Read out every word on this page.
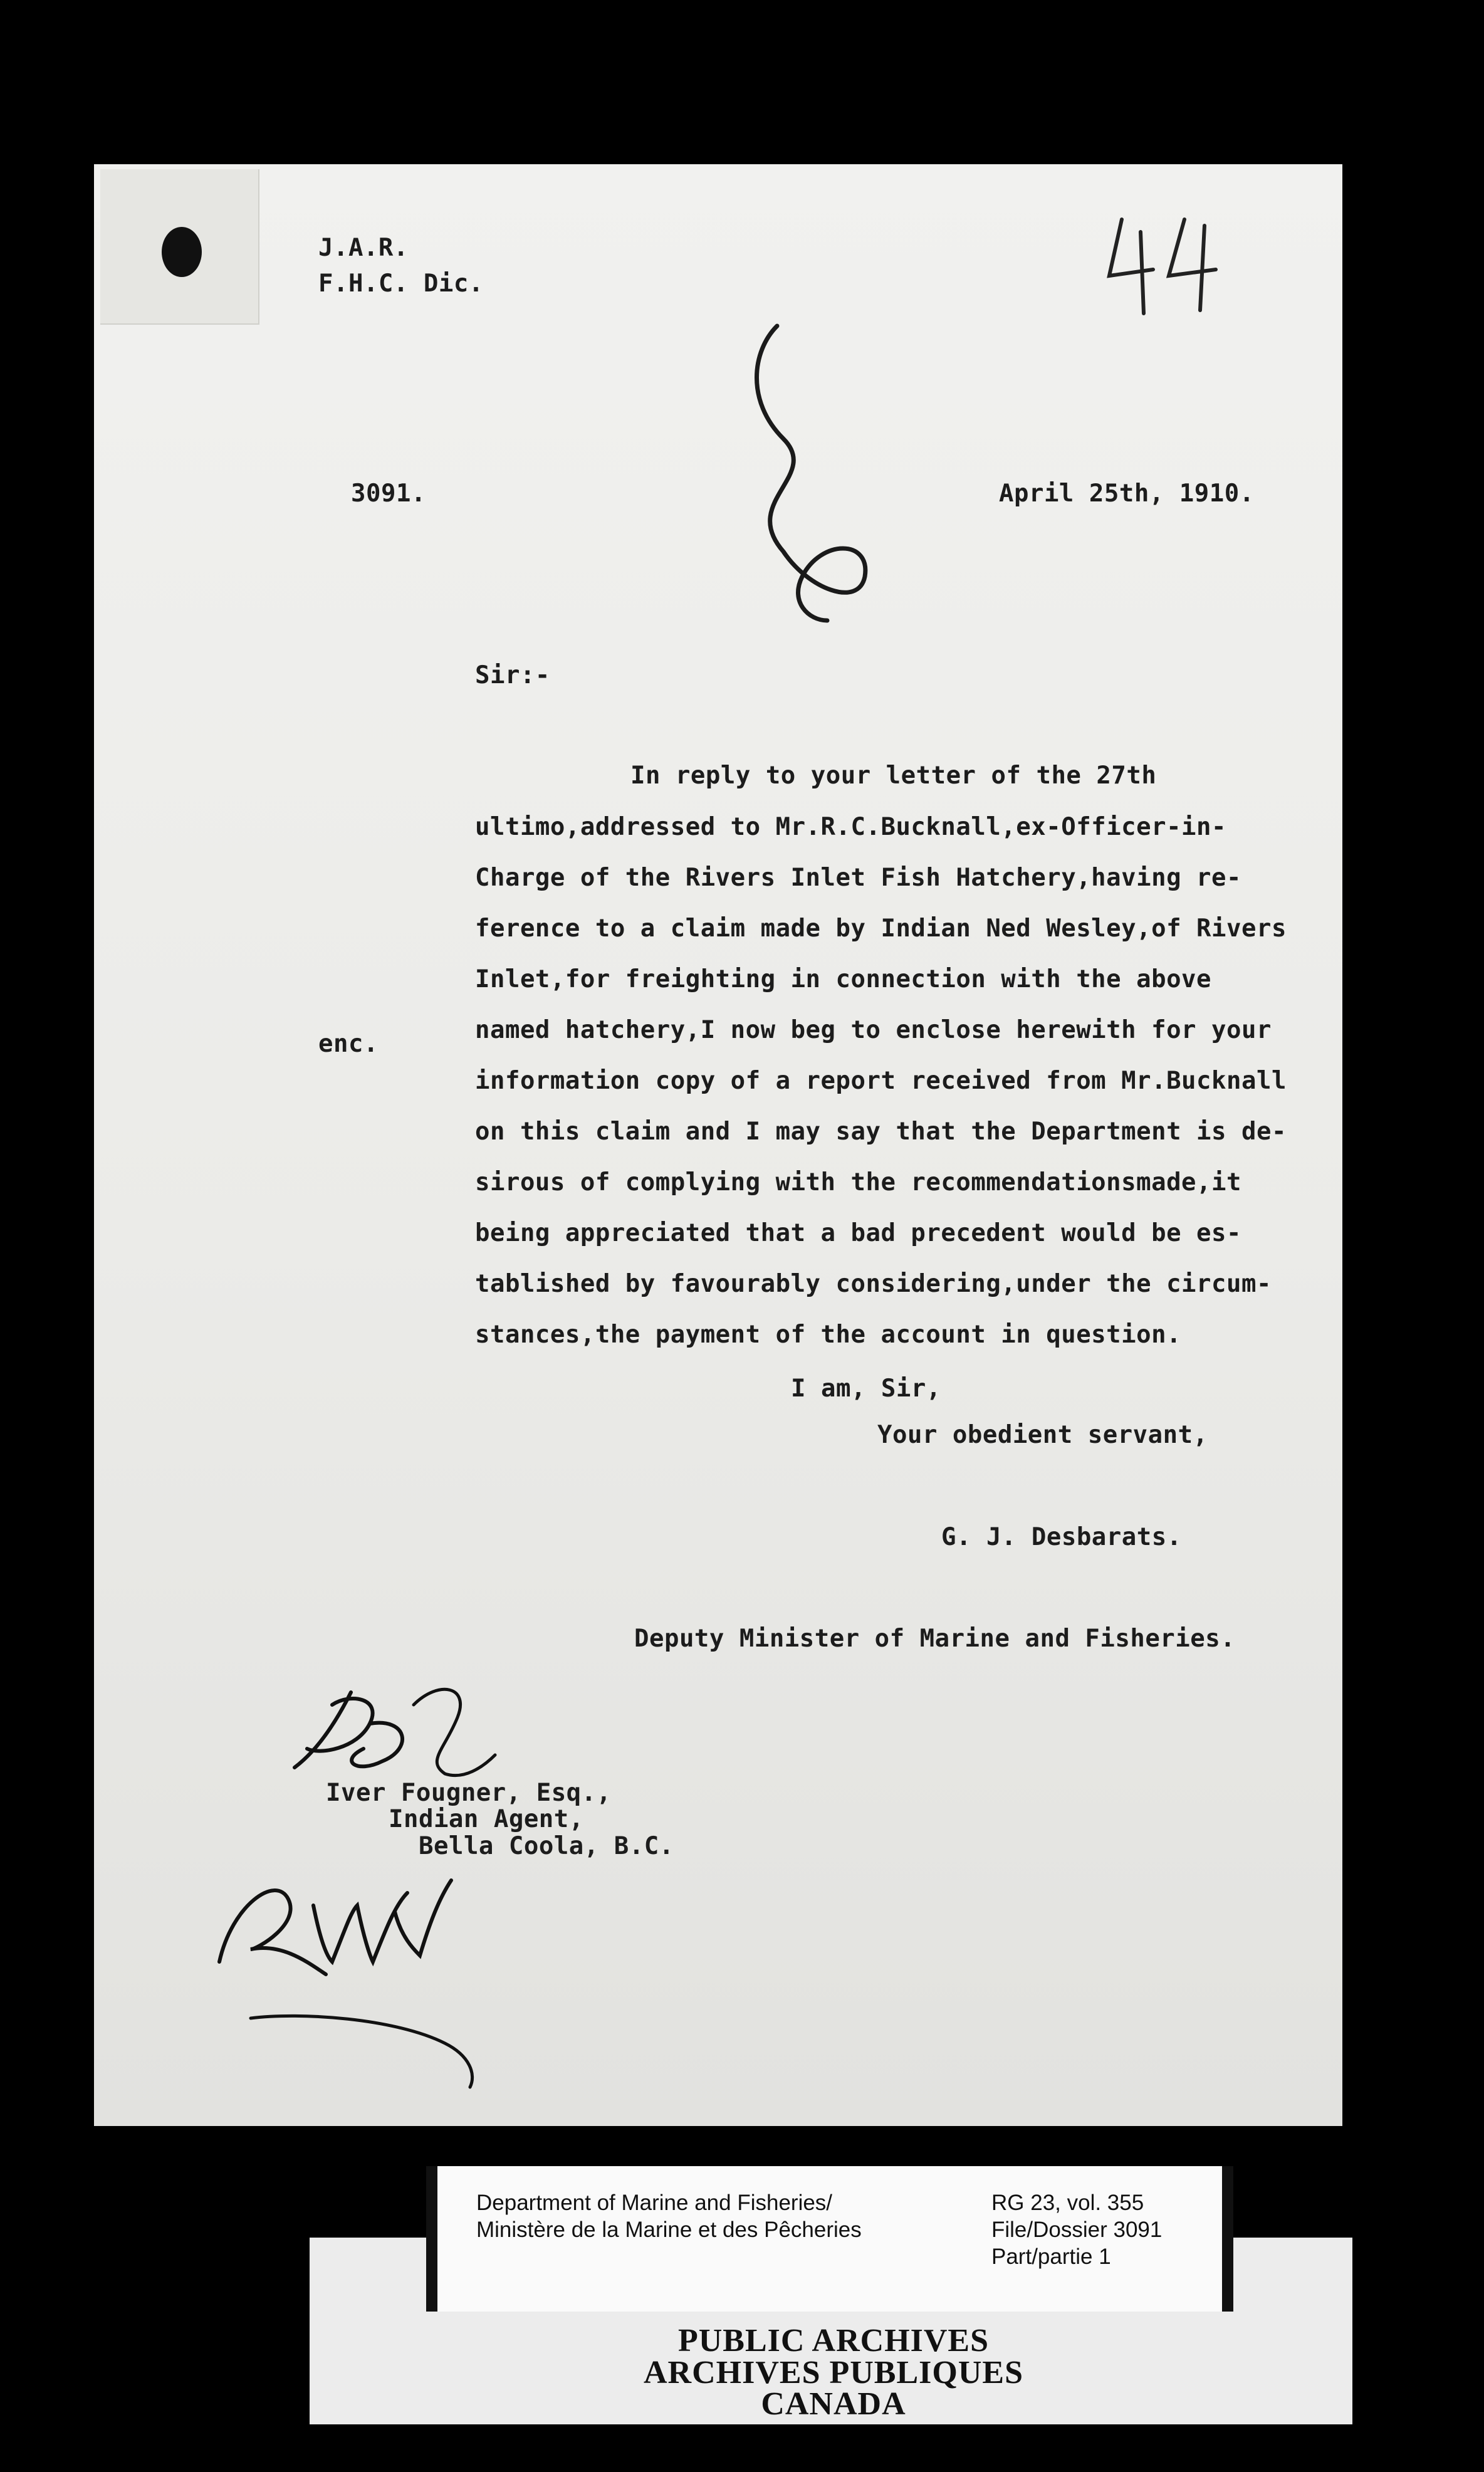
J.A.R.
F.H.C. Dic.
3091.	April 25th, 1910.
Sir:-
In reply to your letter of the 27th
ultimo,addressed to Mr.R.C.Bucknall,ex-Officer-in-
Charge of the Rivers Inlet Fish Hatchery,having re-
ference to a claim made by Indian Ned Wesley,of Rivers
Inlet,for freighting in connection with the above
named hatchery,I now beg to enclose herewith for your
information copy of a report received from Mr.Bucknall
on this claim and I may say that the Department is de-
sirous of complying with the recommendationsmade,it
being appreciated that a bad precedent would be es-
tablished by favourably considering,under the circum-
stances,the payment of the account in question.
enc.
I am, Sir,
Your obedient servant,
G. J. Desbarats.
Deputy Minister of Marine and Fisheries.
Iver Fougner, Esq.,
Indian Agent,
Bella Coola, B.C.
Department of Marine and Fisheries/
Ministère de la Marine et des Pêcheries
RG 23, vol. 355
File/Dossier 3091
Part/partie 1
PUBLIC ARCHIVES
ARCHIVES PUBLIQUES
CANADA
